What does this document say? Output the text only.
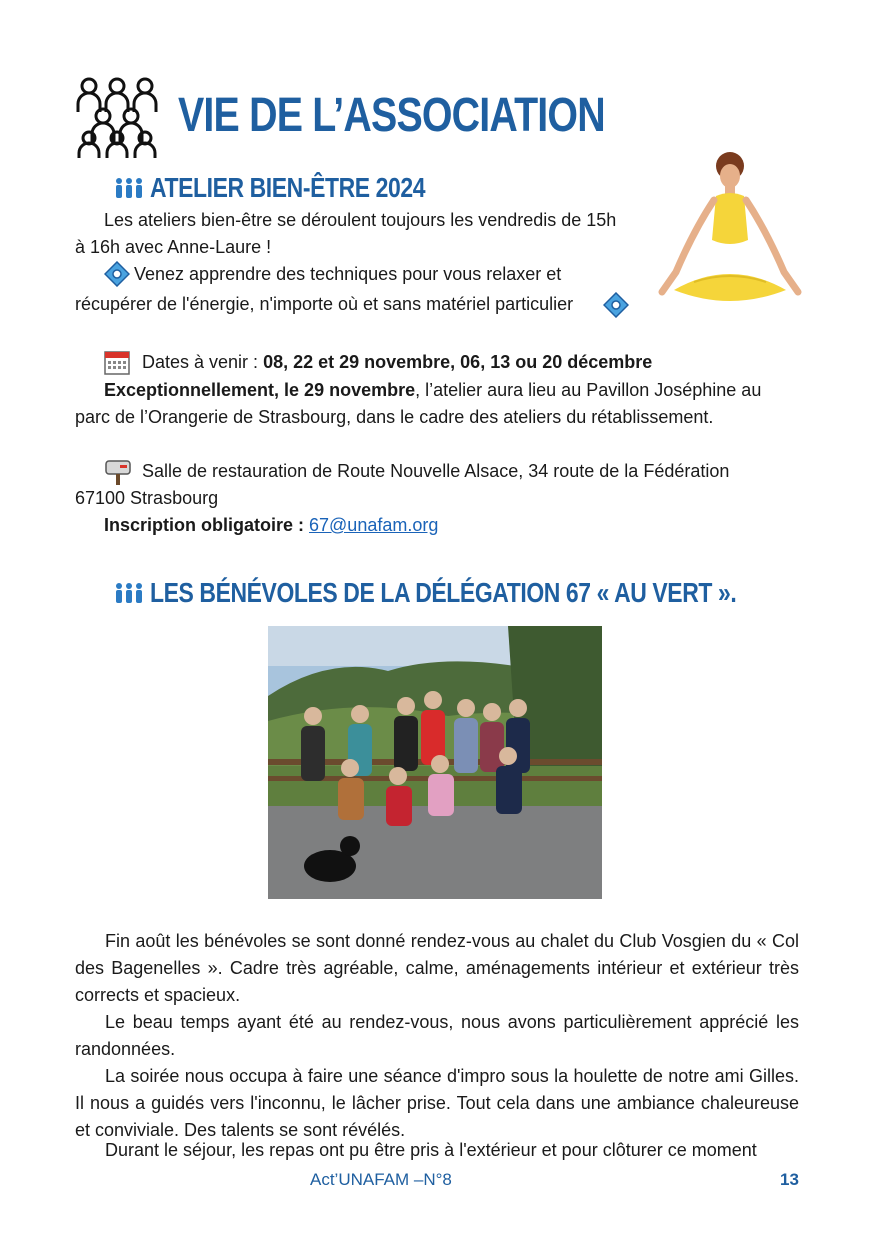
VIE DE L’ASSOCIATION
ATELIER BIEN-ÊTRE 2024

Les ateliers bien-être se déroulent toujours les vendredis de 15h

à 16h avec Anne-Laure !

Venez apprendre des techniques pour vous relaxer et

récupérer de l'énergie, n'importe où et sans matériel particulier

Dates à venir : 08, 22 et 29 novembre, 06, 13 ou 20 décembre

Exceptionnellement, le 29 novembre, l’atelier aura lieu au Pavillon Joséphine au

parc de l’Orangerie de Strasbourg, dans le cadre des ateliers du rétablissement.

Salle de restauration de Route Nouvelle Alsace, 34 route de la Fédération

67100 Strasbourg

Inscription obligatoire : 67@unafam.org

LES BÉNÉVOLES DE LA DÉLÉGATION 67 « AU VERT ».

Fin août les bénévoles se sont donné rendez-vous au chalet du Club Vosgien du « Col des Bagenelles ». Cadre très agréable, calme, aménagements intérieur et extérieur très corrects et spacieux.

Le beau temps ayant été au rendez-vous, nous avons particulièrement apprécié les randonnées.

La soirée nous occupa à faire une séance d'impro sous la houlette de notre ami Gilles. Il nous a guidés vers l'inconnu, le lâcher prise. Tout cela dans une ambiance chaleureuse et conviviale. Des talents se sont révélés.

Durant le séjour, les repas ont pu être pris à l'extérieur et pour clôturer ce moment

Act’UNAFAM –N°8	13
